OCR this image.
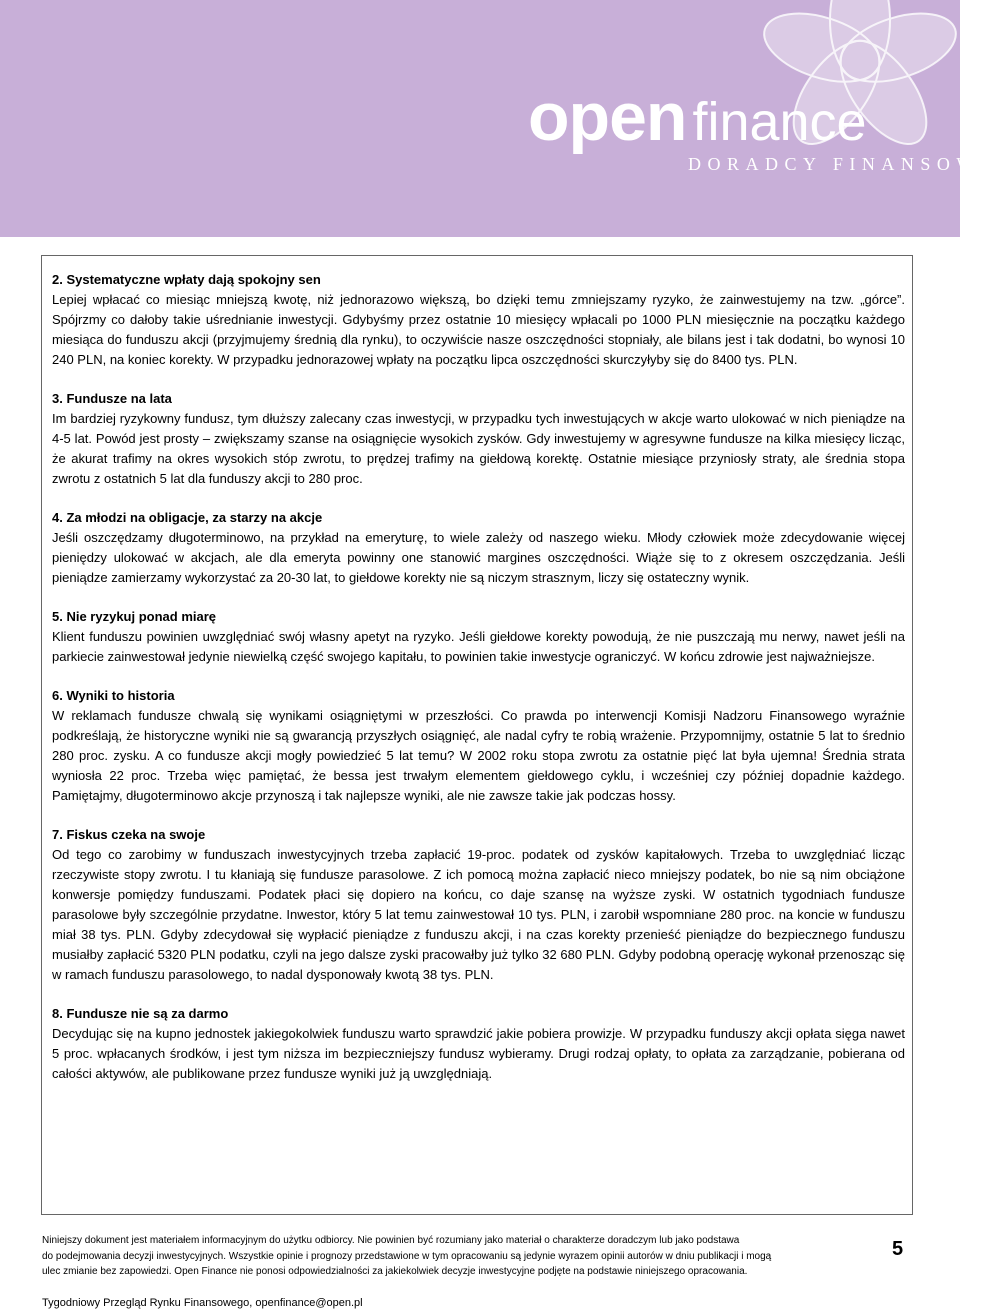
open finance
DORADCY FINANSOWI
2. Systematyczne wpłaty dają spokojny sen

Lepiej wpłacać co miesiąc mniejszą kwotę, niż jednorazowo większą, bo dzięki temu zmniejszamy ryzyko, że zainwestujemy na tzw. „górce”. Spójrzmy co dałoby takie uśrednianie inwestycji. Gdybyśmy przez ostatnie 10 miesięcy wpłacali po 1000 PLN miesięcznie na początku każdego miesiąca do funduszu akcji (przyjmujemy średnią dla rynku), to oczywiście nasze oszczędności stopniały, ale bilans jest i tak dodatni, bo wynosi 10 240 PLN, na koniec korekty. W przypadku jednorazowej wpłaty na początku lipca oszczędności skurczyłyby się do 8400 tys. PLN.

3. Fundusze na lata

Im bardziej ryzykowny fundusz, tym dłuższy zalecany czas inwestycji, w przypadku tych inwestujących w akcje warto ulokować w nich pieniądze na 4-5 lat. Powód jest prosty – zwiększamy szanse na osiągnięcie wysokich zysków. Gdy inwestujemy w agresywne fundusze na kilka miesięcy licząc, że akurat trafimy na okres wysokich stóp zwrotu, to prędzej trafimy na giełdową korektę. Ostatnie miesiące przyniosły straty, ale średnia stopa zwrotu z ostatnich 5 lat dla funduszy akcji to 280 proc.

4. Za młodzi na obligacje, za starzy na akcje

Jeśli oszczędzamy długoterminowo, na przykład na emeryturę, to wiele zależy od naszego wieku. Młody człowiek może zdecydowanie więcej pieniędzy ulokować w akcjach, ale dla emeryta powinny one stanowić margines oszczędności. Wiąże się to z okresem oszczędzania. Jeśli pieniądze zamierzamy wykorzystać za 20-30 lat, to giełdowe korekty nie są niczym strasznym, liczy się ostateczny wynik.

5. Nie ryzykuj ponad miarę

Klient funduszu powinien uwzględniać swój własny apetyt na ryzyko. Jeśli giełdowe korekty powodują, że nie puszczają mu nerwy, nawet jeśli na parkiecie zainwestował jedynie niewielką część swojego kapitału, to powinien takie inwestycje ograniczyć. W końcu zdrowie jest najważniejsze.

6. Wyniki to historia

W reklamach fundusze chwalą się wynikami osiągniętymi w przeszłości. Co prawda po interwencji Komisji Nadzoru Finansowego wyraźnie podkreślają, że historyczne wyniki nie są gwarancją przyszłych osiągnięć, ale nadal cyfry te robią wrażenie. Przypomnijmy, ostatnie 5 lat to średnio 280 proc. zysku. A co fundusze akcji mogły powiedzieć 5 lat temu? W 2002 roku stopa zwrotu za ostatnie pięć lat była ujemna! Średnia strata wyniosła 22 proc. Trzeba więc pamiętać, że bessa jest trwałym elementem giełdowego cyklu, i wcześniej czy później dopadnie każdego. Pamiętajmy, długoterminowo akcje przynoszą i tak najlepsze wyniki, ale nie zawsze takie jak podczas hossy.

7. Fiskus czeka na swoje

Od tego co zarobimy w funduszach inwestycyjnych trzeba zapłacić 19-proc. podatek od zysków kapitałowych. Trzeba to uwzględniać licząc rzeczywiste stopy zwrotu. I tu kłaniają się fundusze parasolowe. Z ich pomocą można zapłacić nieco mniejszy podatek, bo nie są nim obciążone konwersje pomiędzy funduszami. Podatek płaci się dopiero na końcu, co daje szansę na wyższe zyski. W ostatnich tygodniach fundusze parasolowe były szczególnie przydatne. Inwestor, który 5 lat temu zainwestował 10 tys. PLN, i zarobił wspomniane 280 proc. na koncie w funduszu miał 38 tys. PLN. Gdyby zdecydował się wypłacić pieniądze z funduszu akcji, i na czas korekty przenieść pieniądze do bezpiecznego funduszu musiałby zapłacić 5320 PLN podatku, czyli na jego dalsze zyski pracowałby już tylko 32 680 PLN. Gdyby podobną operację wykonał przenosząc się w ramach funduszu parasolowego, to nadal dysponowały kwotą 38 tys. PLN.

8. Fundusze nie są za darmo

Decydując się na kupno jednostek jakiegokolwiek funduszu warto sprawdzić jakie pobiera prowizje. W przypadku funduszy akcji opłata sięga nawet 5 proc. wpłacanych środków, i jest tym niższa im bezpieczniejszy fundusz wybieramy. Drugi rodzaj opłaty, to opłata za zarządzanie, pobierana od całości aktywów, ale publikowane przez fundusze wyniki już ją uwzględniają.

Niniejszy dokument jest materiałem informacyjnym do użytku odbiorcy. Nie powinien być rozumiany jako materiał o charakterze doradczym lub jako podstawa

do podejmowania decyzji inwestycyjnych. Wszystkie opinie i prognozy przedstawione w tym opracowaniu są jedynie wyrazem opinii autorów w dniu publikacji i mogą

ulec zmianie bez zapowiedzi. Open Finance nie ponosi odpowiedzialności za jakiekolwiek decyzje inwestycyjne podjęte na podstawie niniejszego opracowania.

5
Tygodniowy Przegląd Rynku Finansowego, openfinance@open.pl
